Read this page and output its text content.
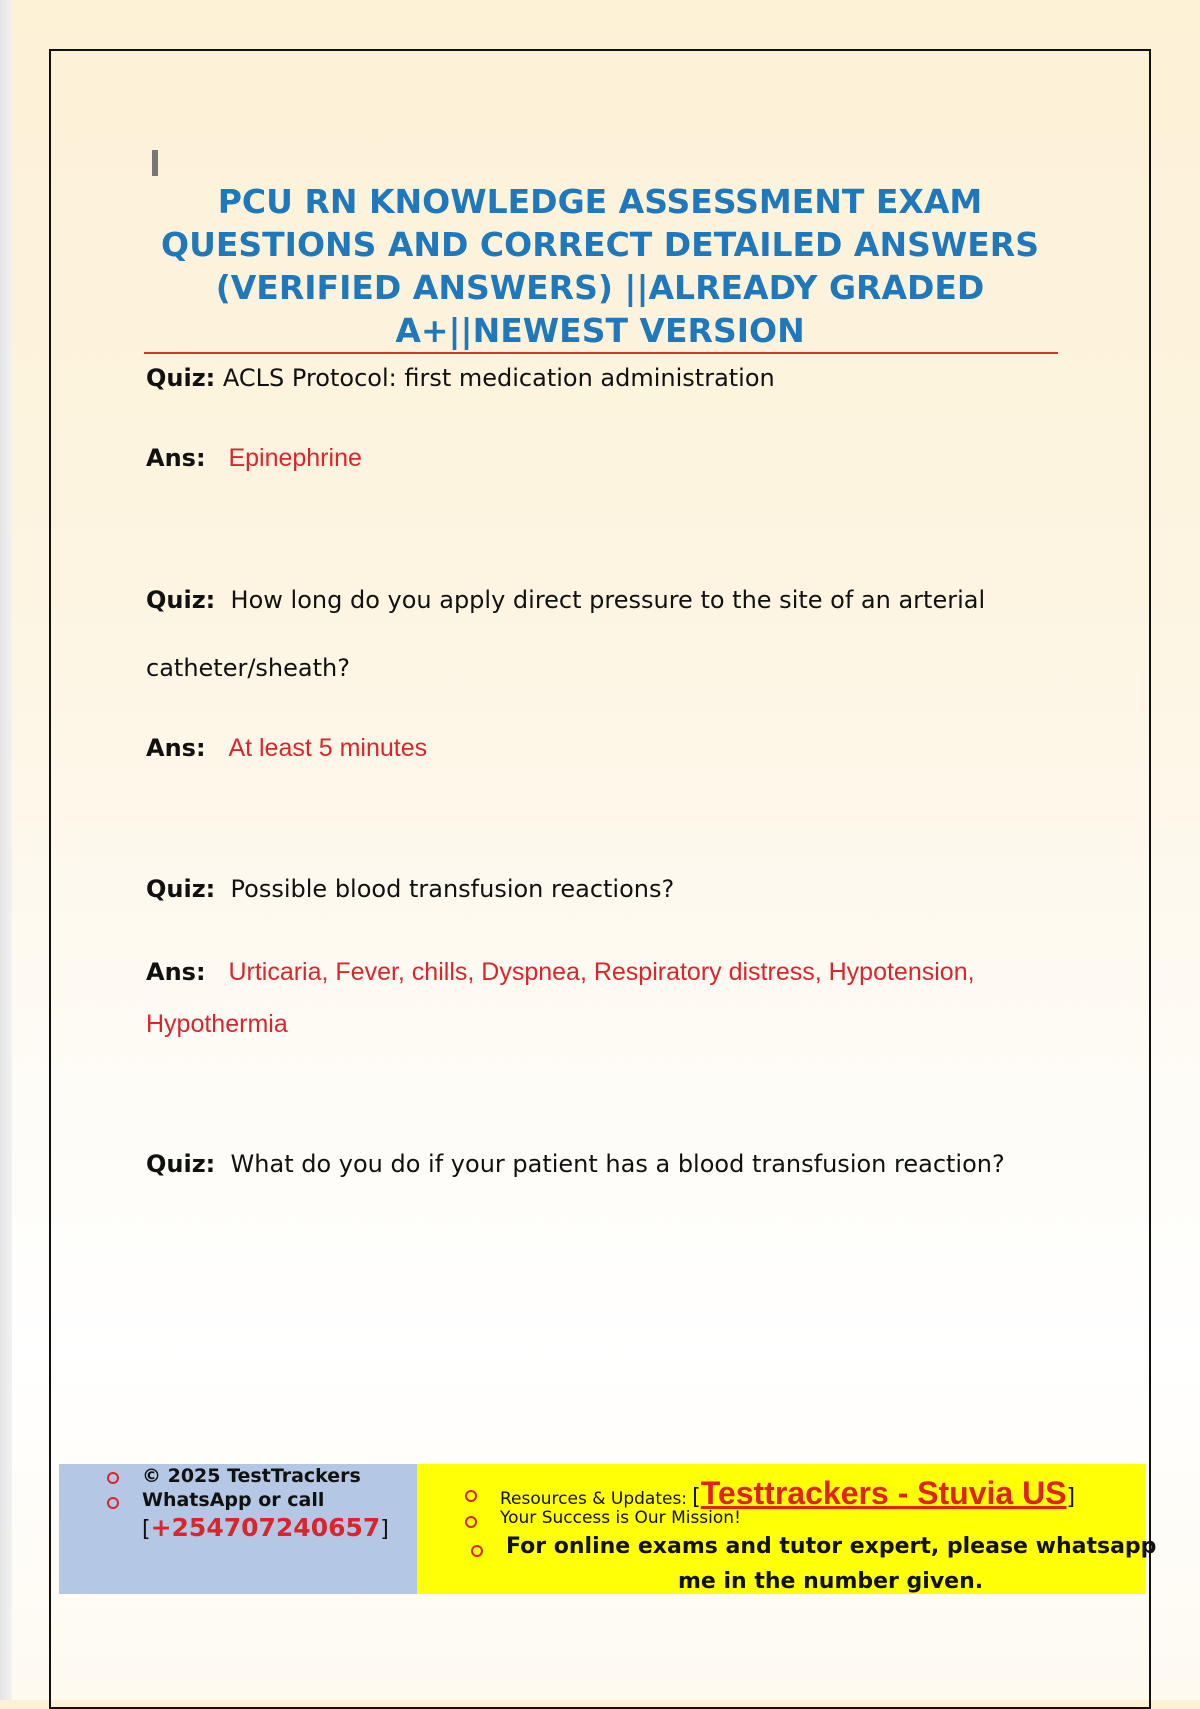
PCU RN KNOWLEDGE ASSESSMENT EXAM QUESTIONS AND CORRECT DETAILED ANSWERS (VERIFIED ANSWERS) ||ALREADY GRADED A+||NEWEST VERSION
Quiz: ACLS Protocol: first medication administration
Ans: Epinephrine
Quiz: How long do you apply direct pressure to the site of an arterial
catheter/sheath?
Ans: At least 5 minutes
Quiz: Possible blood transfusion reactions?
Ans: Urticaria, Fever, chills, Dyspnea, Respiratory distress, Hypotension,
Hypothermia
Quiz: What do you do if your patient has a blood transfusion reaction?
© 2025 TestTrackers
WhatsApp or call
[+254707240657]
Resources & Updates: [Testtrackers - Stuvia US]
Your Success is Our Mission!
For online exams and tutor expert, please whatsapp
me in the number given.
